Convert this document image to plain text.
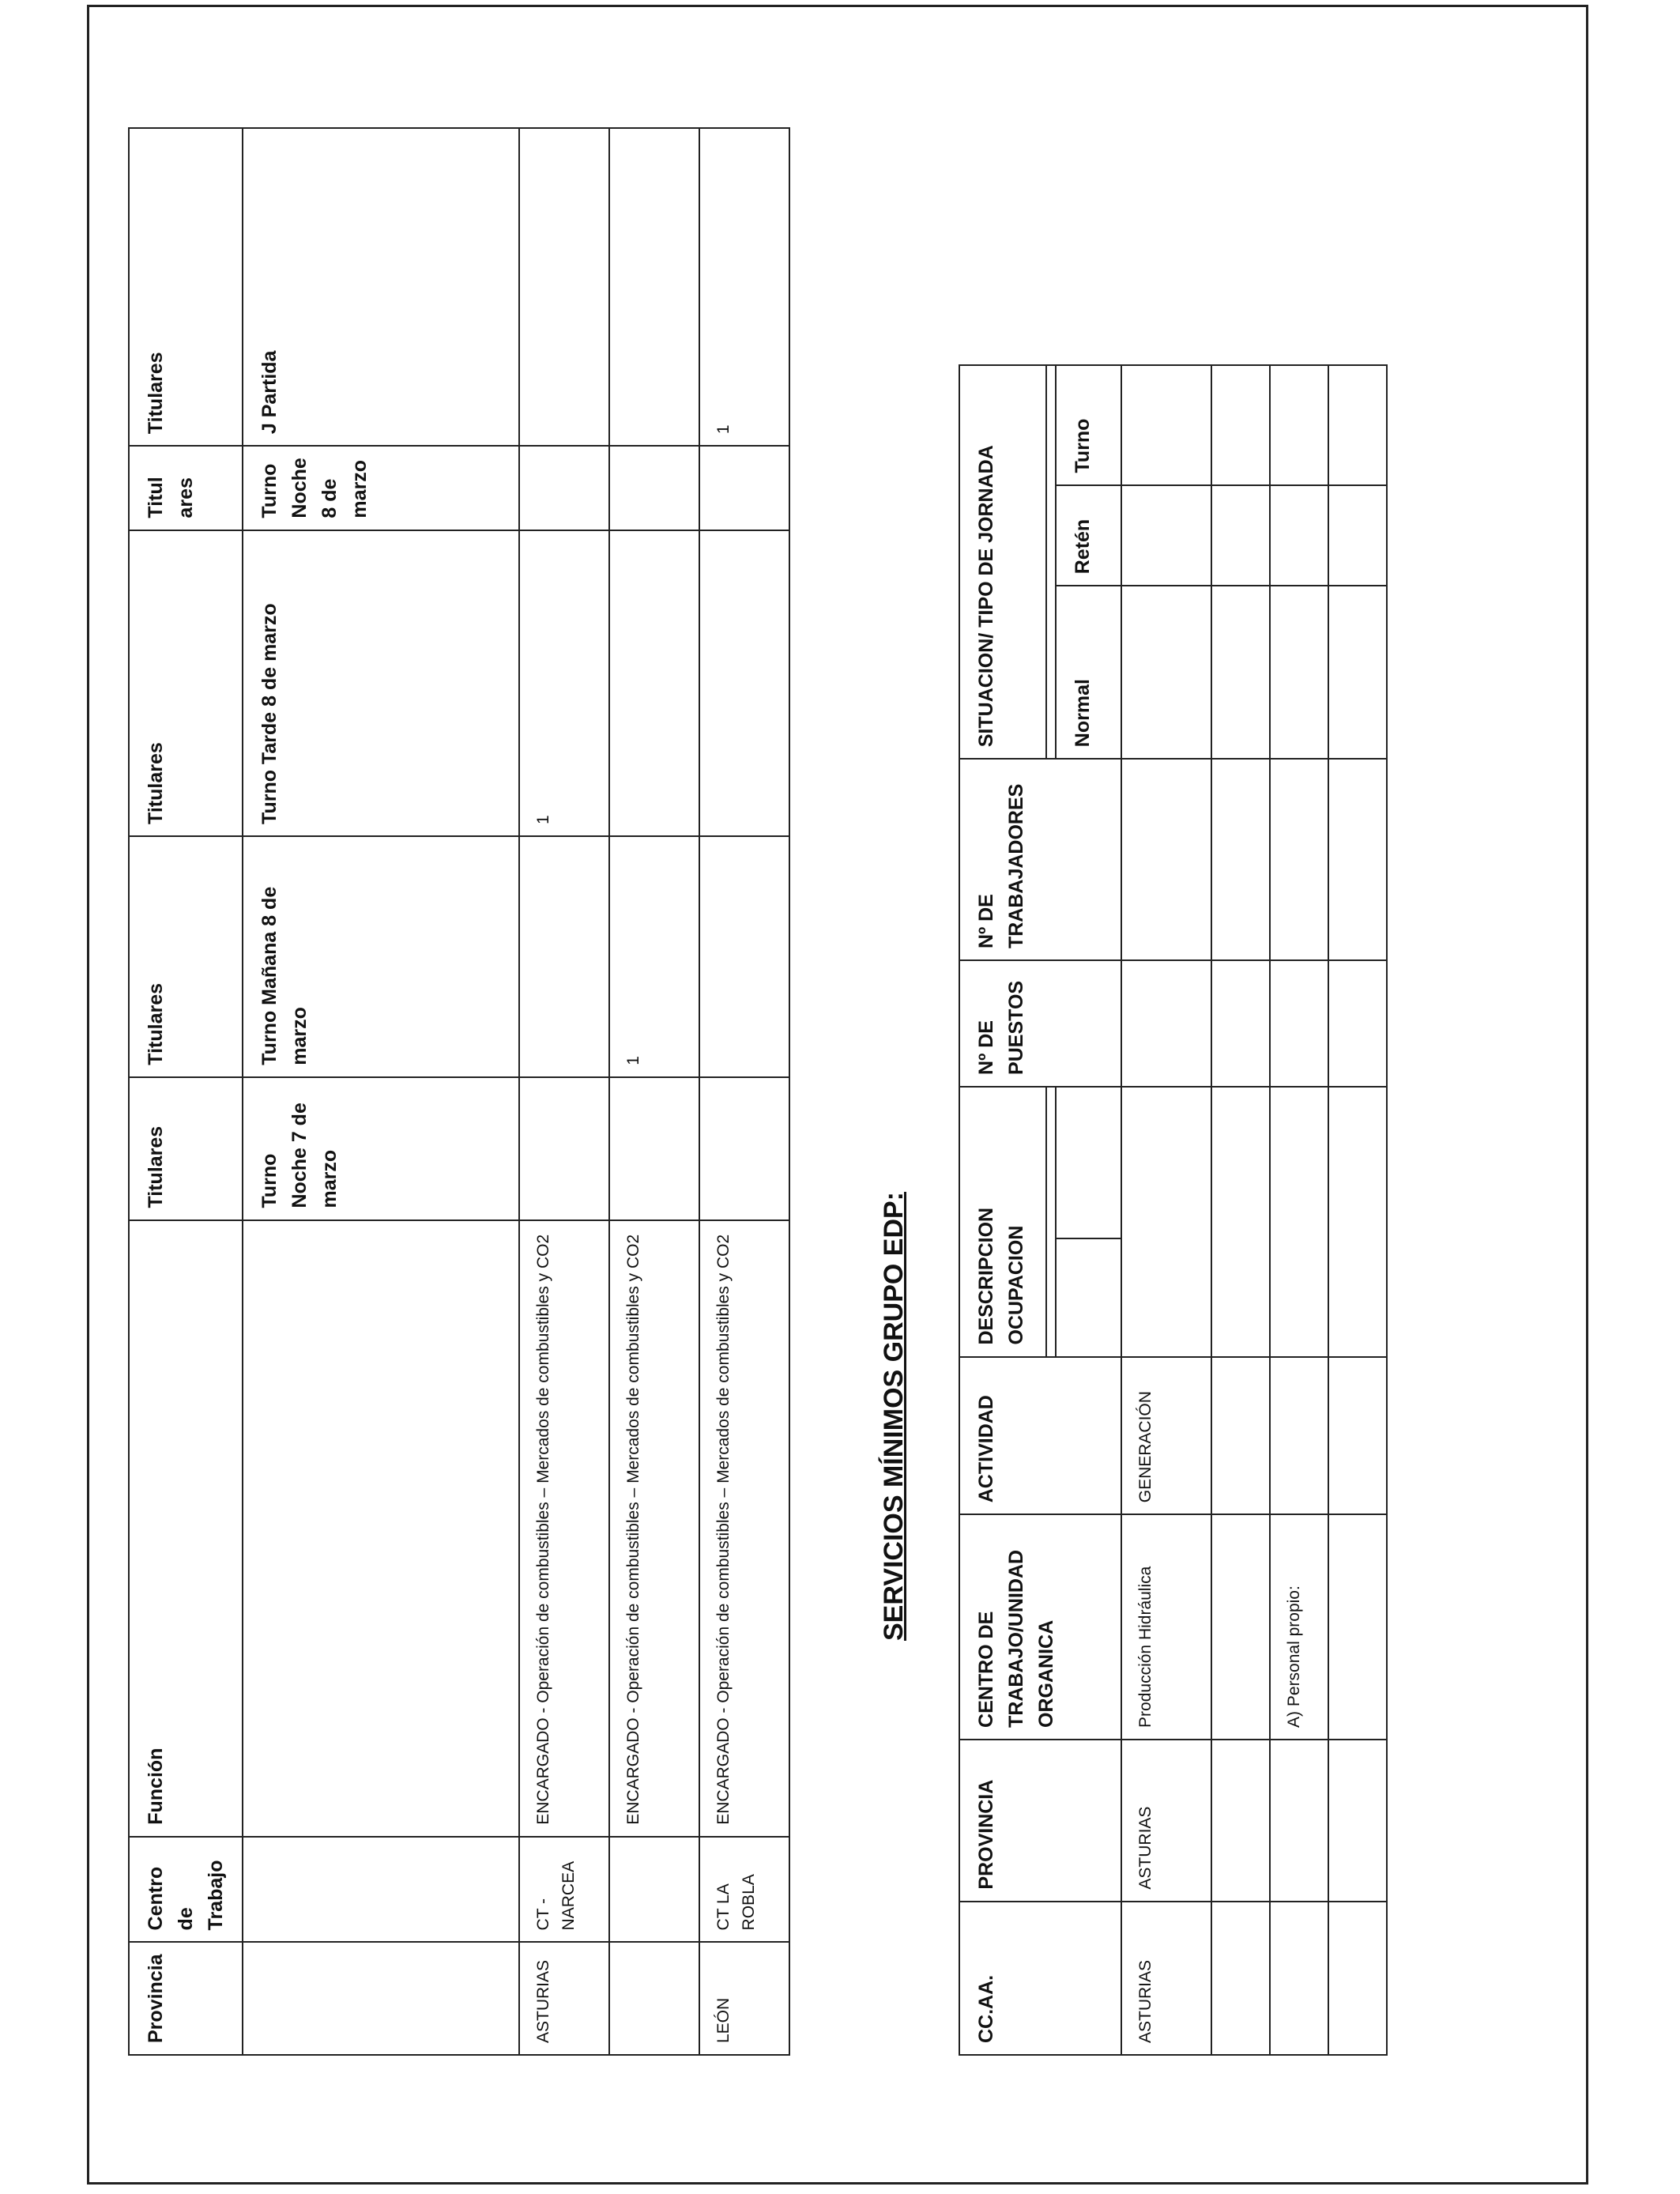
Provincia	Centro de Trabajo	Función	Titulares	Titulares	Titulares	Titul ares	Titulares
			Turno Noche 7 de marzo	Turno Mañana 8 de marzo	Turno Tarde 8 de marzo	Turno Noche 8 de marzo	J Partida
ASTURIAS	CT - NARCEA	ENCARGADO - Operación de combustibles – Mercados de combustibles y CO2			1		
		ENCARGADO - Operación de combustibles – Mercados de combustibles y CO2		1			
LEÓN	CT LA ROBLA	ENCARGADO - Operación de combustibles – Mercados de combustibles y CO2					1
SERVICIOS MÍNIMOS GRUPO EDP:
CC.AA.	PROVINCIA	CENTRO DE TRABAJO/UNIDAD ORGANICA	ACTIVIDAD	DESCRIPCION OCUPACION		Nº DE PUESTOS	Nº DE TRABAJADORES	SITUACION/ TIPO DE JORNADA		

								Normal	Retén	Turno
ASTURIAS	ASTURIAS	Producción Hidráulica	GENERACIÓN							

		A) Personal propio:								
